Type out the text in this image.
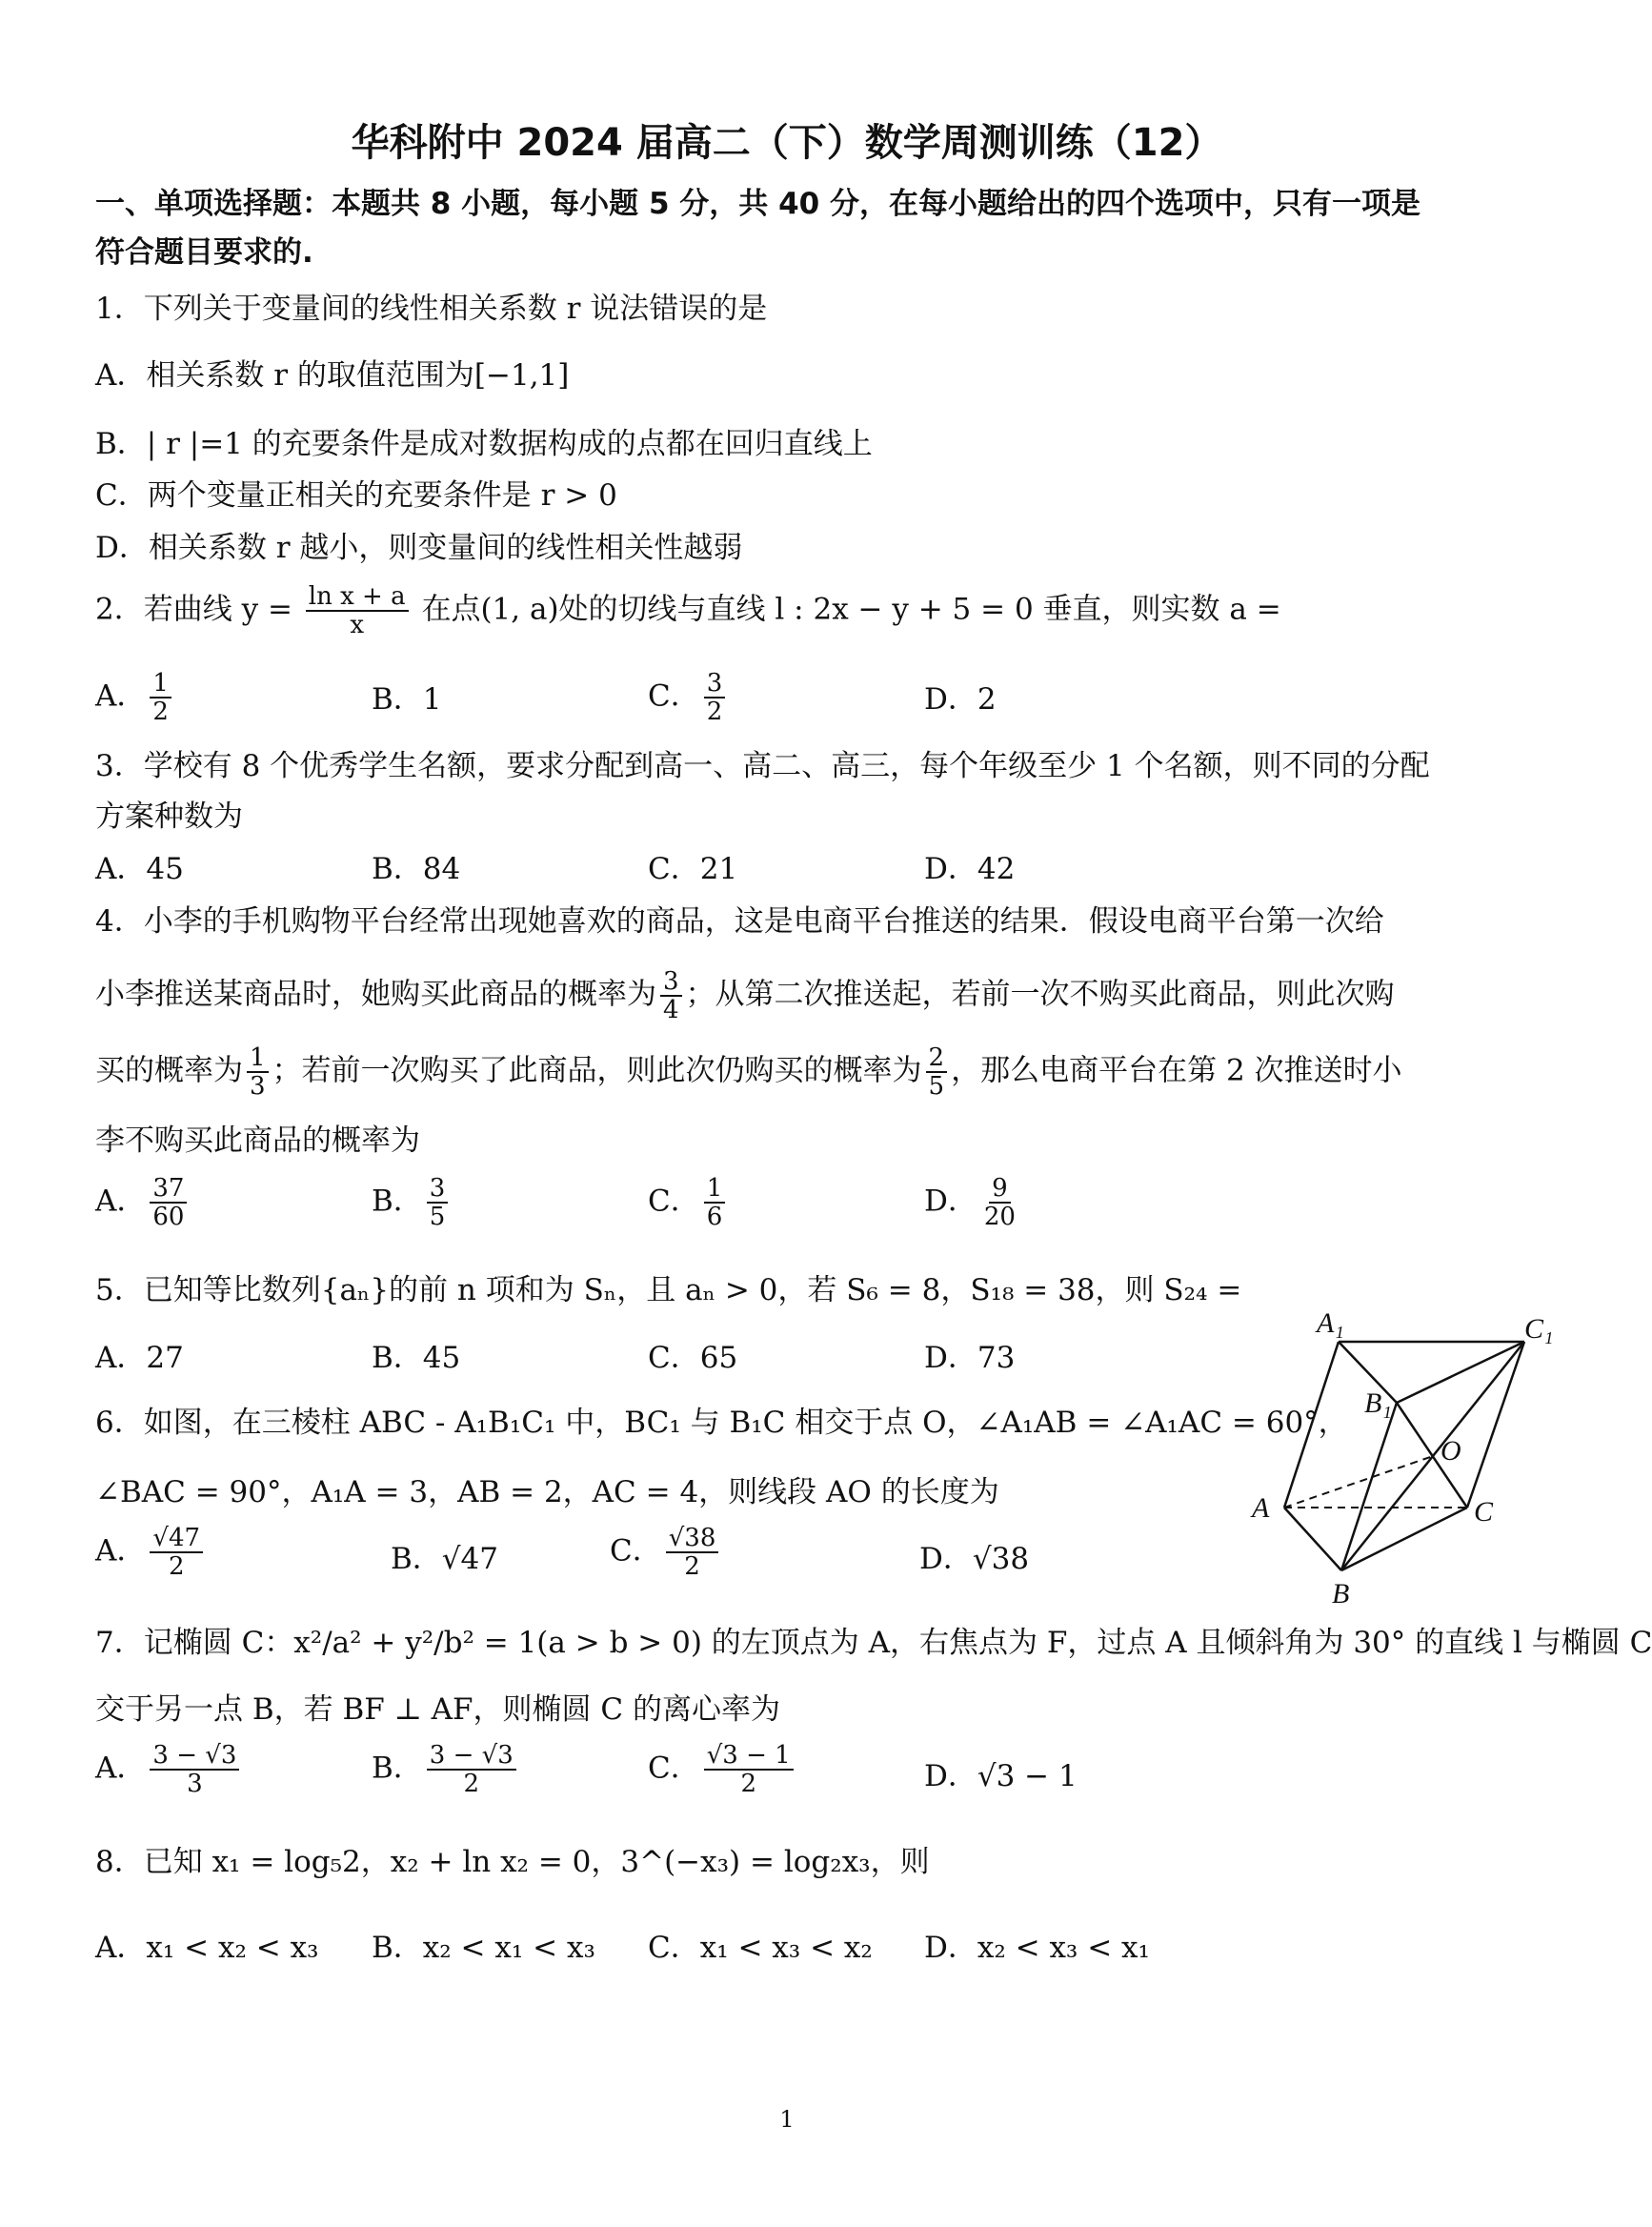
华科附中 2024 届高二（下）数学周测训练（12）
一、单项选择题：本题共 8 小题，每小题 5 分，共 40 分，在每小题给出的四个选项中，只有一项是
符合题目要求的.
1．下列关于变量间的线性相关系数 r 说法错误的是
A．相关系数 r 的取值范围为[−1,1]
B．| r |=1 的充要条件是成对数据构成的点都在回归直线上
C．两个变量正相关的充要条件是 r > 0
D．相关系数 r 越小，则变量间的线性相关性越弱
2．若曲线 $y = \frac{\text{ln x + a}}{x}$ 在点(1, a)处的切线与直线 l : 2x − y + 5 = 0 垂直，则实数 a =
A． $\frac{1}{2}$	B．1	C． $\frac{3}{2}$	D．2
3．学校有 8 个优秀学生名额，要求分配到高一、高二、高三，每个年级至少 1 个名额，则不同的分配
方案种数为
A．45	B．84	C．21	D．42
4．小李的手机购物平台经常出现她喜欢的商品，这是电商平台推送的结果．假设电商平台第一次给
小李推送某商品时，她购买此商品的概率为 $\frac{3}{4}$ ；从第二次推送起，若前一次不购买此商品，则此次购
买的概率为 $\frac{1}{3}$ ；若前一次购买了此商品，则此次仍购买的概率为 $\frac{2}{5}$ ，那么电商平台在第 2 次推送时小
李不购买此商品的概率为
A． $\frac{37}{60}$	B． $\frac{3}{5}$	C． $\frac{1}{6}$	D． $\frac{9}{20}$
5．已知等比数列{aₙ}的前 n 项和为 Sₙ，且 aₙ > 0，若 S₆ = 8，S₁₈ = 38，则 S₂₄ =
A．27	B．45	C．65	D．73
6．如图，在三棱柱 ABC - A₁B₁C₁ 中，BC₁ 与 B₁C 相交于点 O，∠A₁AB = ∠A₁AC = 60°，
∠BAC = 90°，A₁A = 3，AB = 2，AC = 4，则线段 AO 的长度为
A． $\frac{√47}{2}$	B．√47	C． $\frac{√38}{2}$	D．√38
A₁	C₁
B₁
O
A	C
B
7．记椭圆 C：x²/a² + y²/b² = 1(a > b > 0) 的左顶点为 A，右焦点为 F，过点 A 且倾斜角为 30° 的直线 l 与椭圆 C
交于另一点 B，若 BF ⊥ AF，则椭圆 C 的离心率为
A． $\frac{3 - √3}{3}$	B． $\frac{3 - √3}{2}$	C． $\frac{√3 - 1}{2}$	D．√3 − 1
8．已知 x₁ = log₅2，x₂ + ln x₂ = 0，3^(−x₃) = log₂x₃，则
A．x₁ < x₂ < x₃ B．x₂ < x₁ < x₃ C．x₁ < x₃ < x₂ D．x₂ < x₃ < x₁
1
